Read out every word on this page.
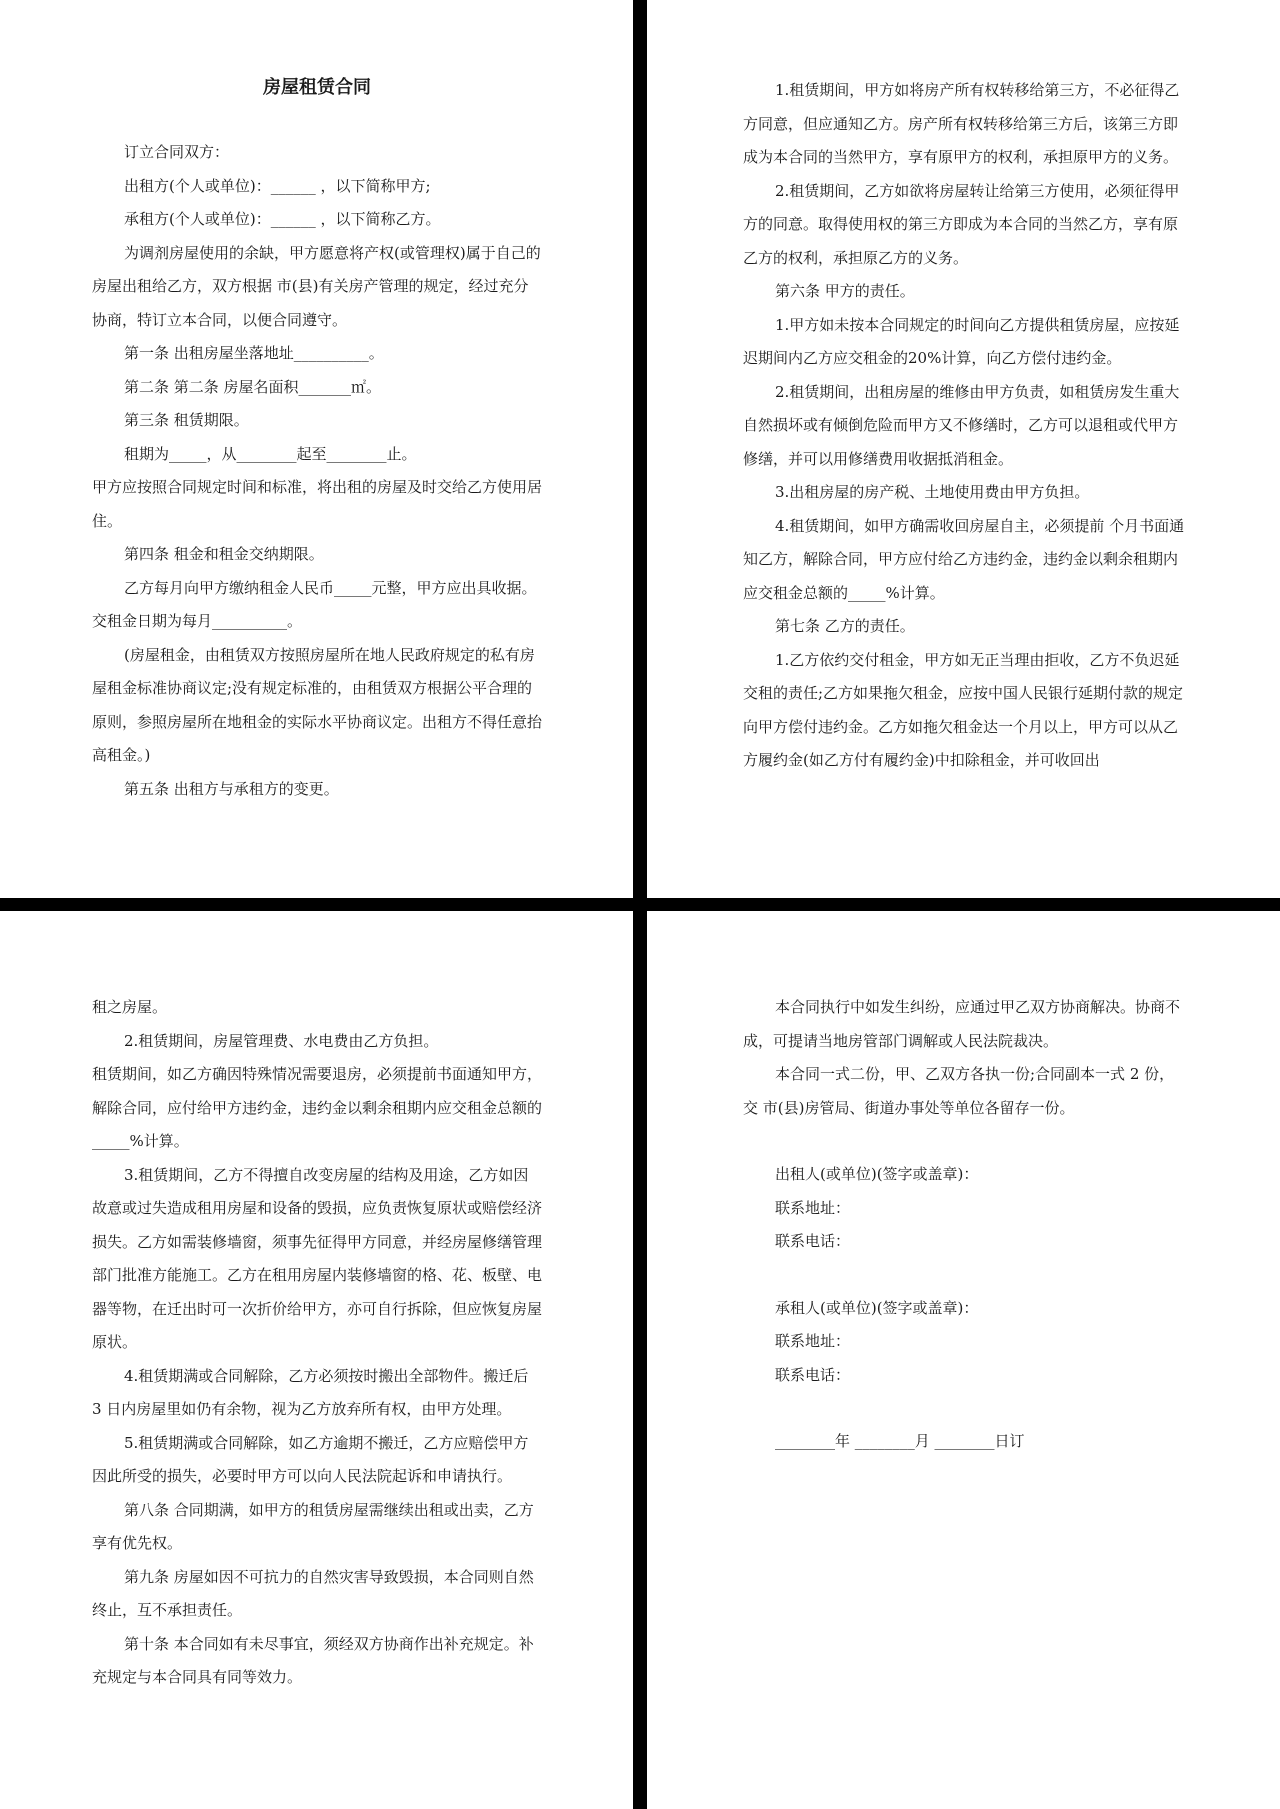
房屋租赁合同

订立合同双方：

出租方(个人或单位)：______ ，以下简称甲方;

承租方(个人或单位)：______ ，以下简称乙方。

为调剂房屋使用的余缺，甲方愿意将产权(或管理权)属于自己的房屋出租给乙方，双方根据 市(县)有关房产管理的规定，经过充分协商，特订立本合同，以便合同遵守。

第一条 出租房屋坐落地址__________。

第二条 第二条 房屋名面积_______㎡。

第三条 租赁期限。

租期为_____，从________起至________止。

甲方应按照合同规定时间和标准，将出租的房屋及时交给乙方使用居住。

第四条 租金和租金交纳期限。

乙方每月向甲方缴纳租金人民币_____元整，甲方应出具收据。交租金日期为每月__________。

(房屋租金，由租赁双方按照房屋所在地人民政府规定的私有房屋租金标准协商议定;没有规定标准的，由租赁双方根据公平合理的原则，参照房屋所在地租金的实际水平协商议定。出租方不得任意抬高租金。)

第五条 出租方与承租方的变更。

1.租赁期间，甲方如将房产所有权转移给第三方，不必征得乙方同意，但应通知乙方。房产所有权转移给第三方后，该第三方即成为本合同的当然甲方，享有原甲方的权利，承担原甲方的义务。

2.租赁期间，乙方如欲将房屋转让给第三方使用，必须征得甲方的同意。取得使用权的第三方即成为本合同的当然乙方，享有原乙方的权利，承担原乙方的义务。

第六条 甲方的责任。

1.甲方如未按本合同规定的时间向乙方提供租赁房屋，应按延迟期间内乙方应交租金的20%计算，向乙方偿付违约金。

2.租赁期间，出租房屋的维修由甲方负责，如租赁房发生重大自然损坏或有倾倒危险而甲方又不修缮时，乙方可以退租或代甲方修缮，并可以用修缮费用收据抵消租金。

3.出租房屋的房产税、土地使用费由甲方负担。

4.租赁期间，如甲方确需收回房屋自主，必须提前 个月书面通知乙方，解除合同，甲方应付给乙方违约金，违约金以剩余租期内应交租金总额的_____%计算。

第七条 乙方的责任。

1.乙方依约交付租金，甲方如无正当理由拒收，乙方不负迟延交租的责任;乙方如果拖欠租金，应按中国人民银行延期付款的规定向甲方偿付违约金。乙方如拖欠租金达一个月以上，甲方可以从乙方履约金(如乙方付有履约金)中扣除租金，并可收回出

租之房屋。

2.租赁期间，房屋管理费、水电费由乙方负担。

租赁期间，如乙方确因特殊情况需要退房，必须提前书面通知甲方，解除合同，应付给甲方违约金，违约金以剩余租期内应交租金总额的_____%计算。

3.租赁期间，乙方不得擅自改变房屋的结构及用途，乙方如因故意或过失造成租用房屋和设备的毁损，应负责恢复原状或赔偿经济损失。乙方如需装修墙窗，须事先征得甲方同意，并经房屋修缮管理部门批准方能施工。乙方在租用房屋内装修墙窗的格、花、板壁、电器等物，在迁出时可一次折价给甲方，亦可自行拆除，但应恢复房屋原状。

4.租赁期满或合同解除，乙方必须按时搬出全部物件。搬迁后 3 日内房屋里如仍有余物，视为乙方放弃所有权，由甲方处理。

5.租赁期满或合同解除，如乙方逾期不搬迁，乙方应赔偿甲方因此所受的损失，必要时甲方可以向人民法院起诉和申请执行。

第八条 合同期满，如甲方的租赁房屋需继续出租或出卖，乙方享有优先权。

第九条 房屋如因不可抗力的自然灾害导致毁损，本合同则自然终止，互不承担责任。

第十条 本合同如有未尽事宜，须经双方协商作出补充规定。补充规定与本合同具有同等效力。

本合同执行中如发生纠纷，应通过甲乙双方协商解决。协商不成，可提请当地房管部门调解或人民法院裁决。

本合同一式二份，甲、乙双方各执一份;合同副本一式 2 份，交 市(县)房管局、街道办事处等单位各留存一份。

出租人(或单位)(签字或盖章)：

联系地址：

联系电话：

承租人(或单位)(签字或盖章)：

联系地址：

联系电话：

________年 ________月 ________日订
